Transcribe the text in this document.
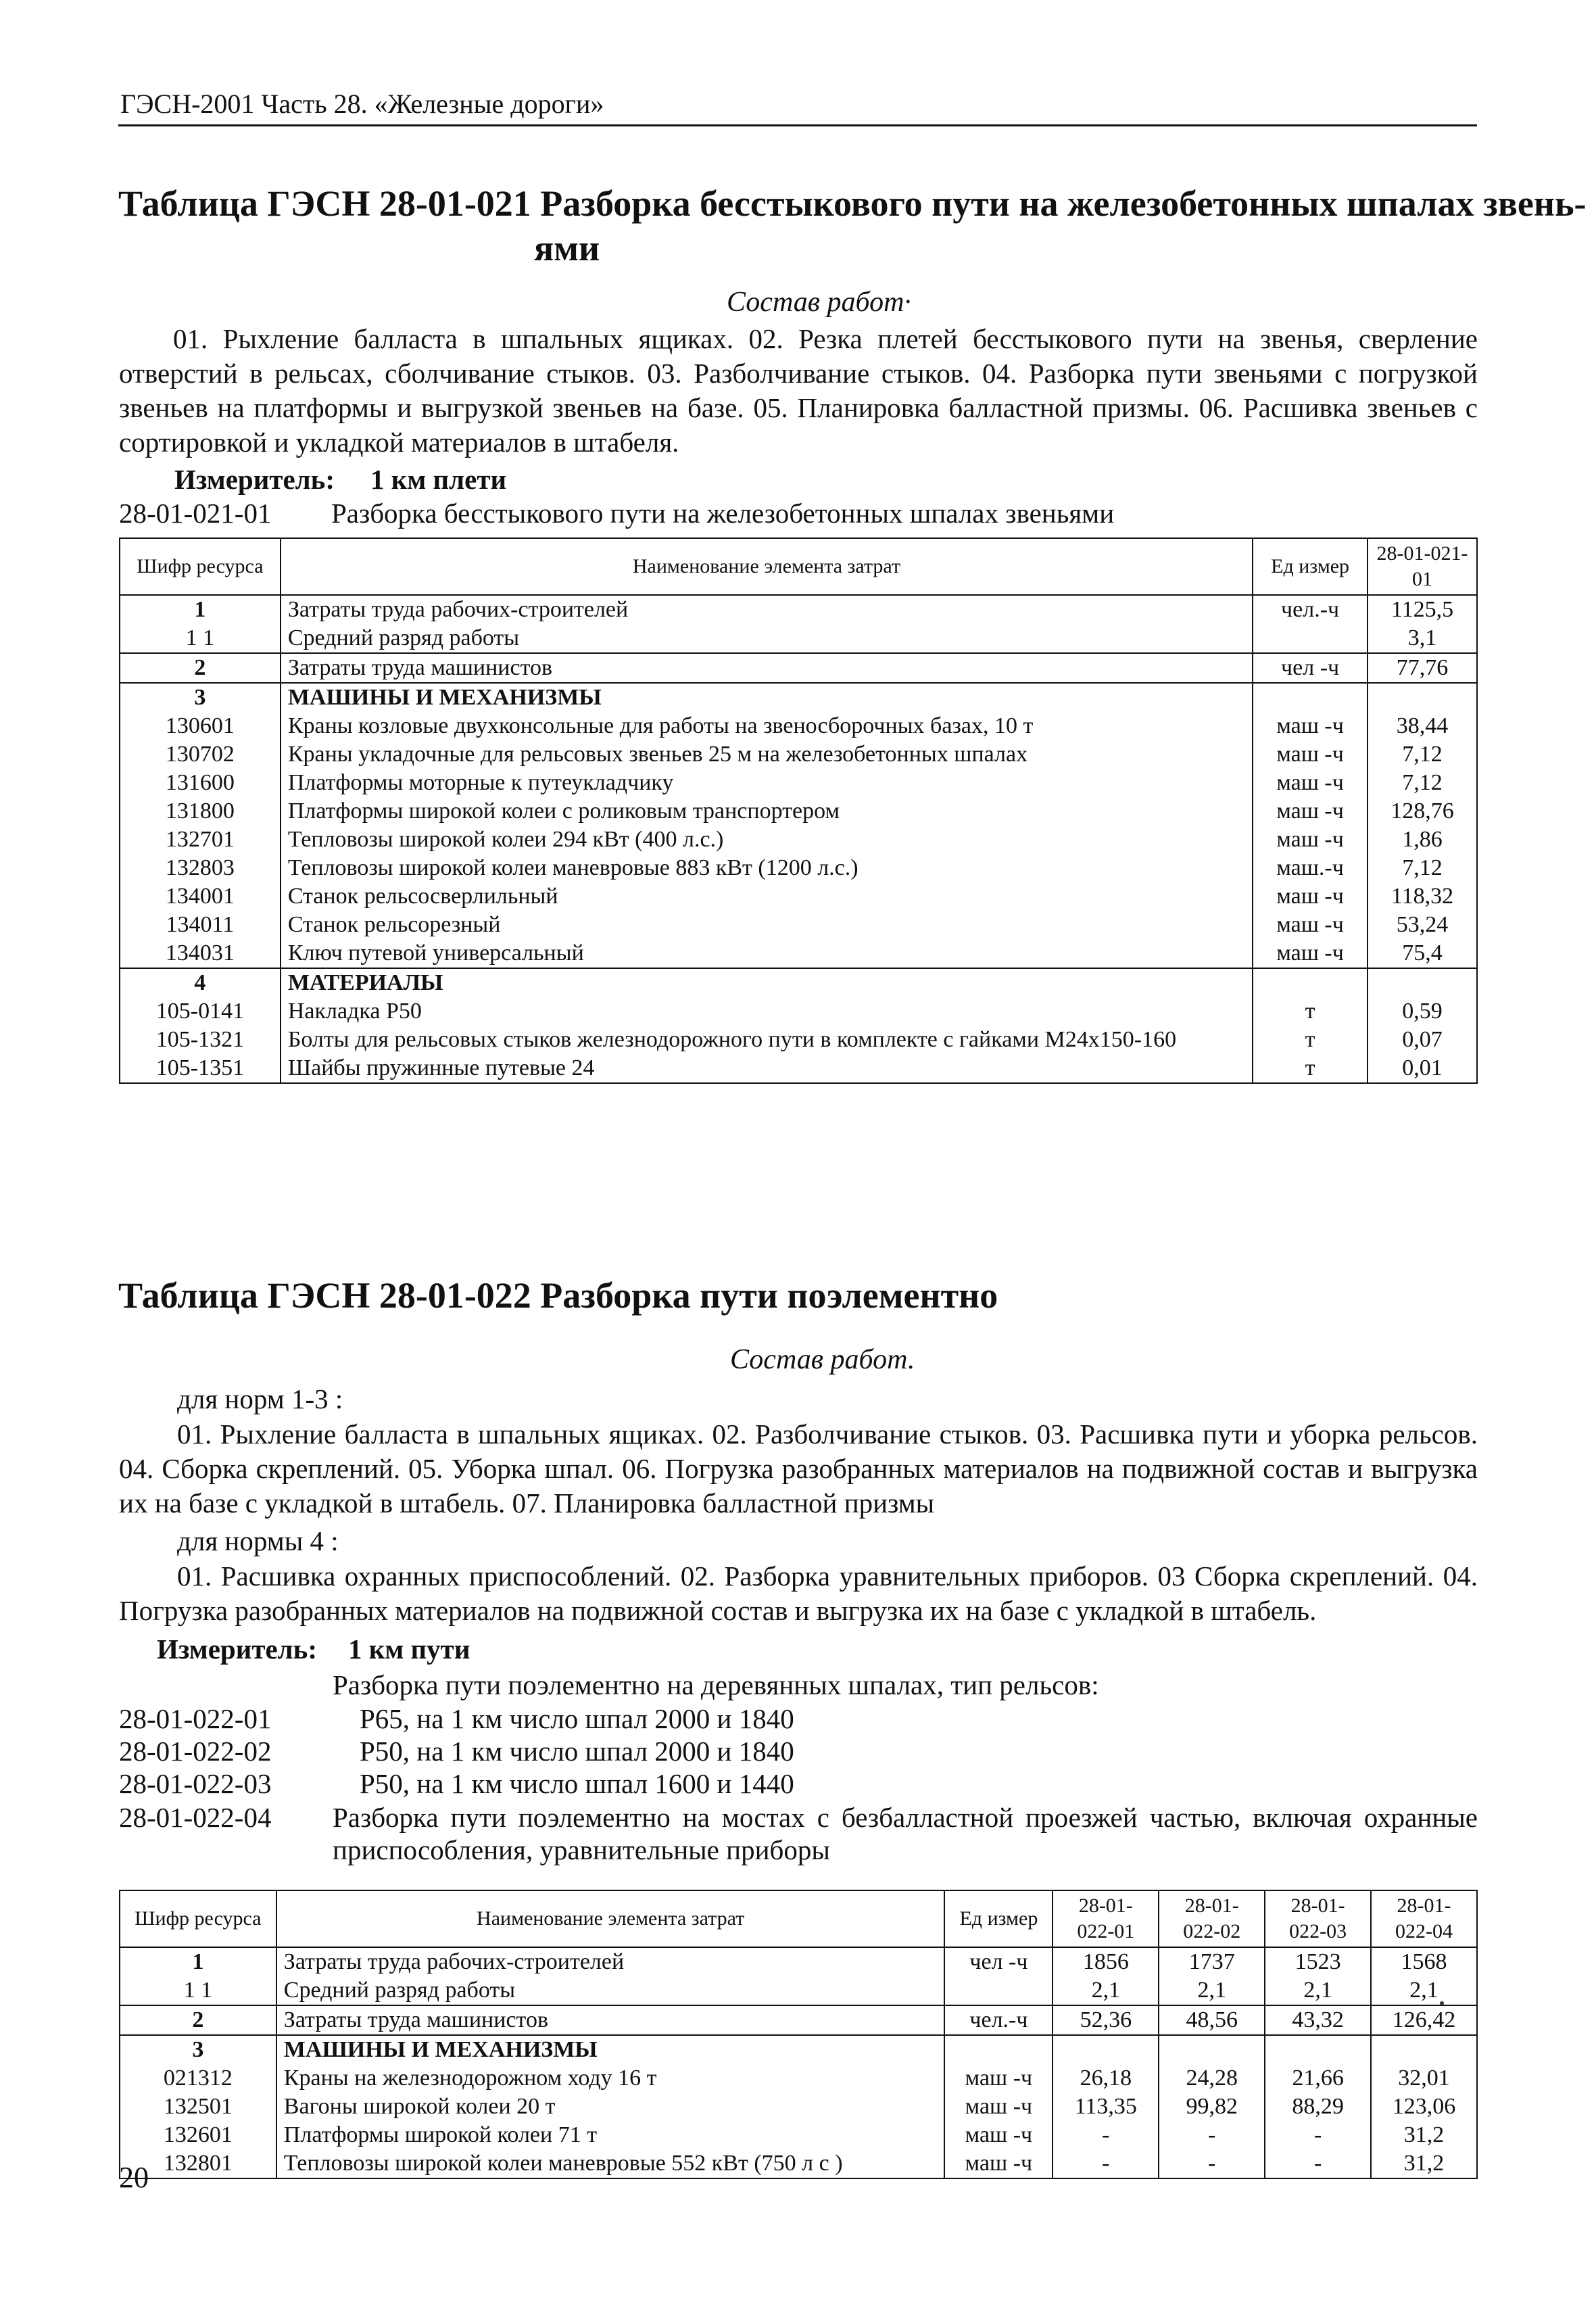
ГЭСН-2001 Часть 28. «Железные дороги»
Таблица ГЭСН 28-01-021 Разборка бесстыкового пути на железобетонных шпалах звень-
ями
Состав работ·
01. Рыхление балласта в шпальных ящиках. 02. Резка плетей бесстыкового пути на звенья, сверление отверстий в рельсах, сболчивание стыков. 03. Разболчивание стыков. 04. Разборка пути звеньями с погрузкой звеньев на платформы и выгрузкой звеньев на базе. 05. Планировка балластной призмы. 06. Расшивка звеньев с сортировкой и укладкой материалов в штабеля.
Измеритель: 1 км плети
28-01-021-01 Разборка бесстыкового пути на железобетонных шпалах звеньями
Шифр ресурса	Наименование элемента затрат	Ед измер	28-01-021-01
1	Затраты труда рабочих-строителей	чел.-ч	1125,5
1 1	Средний разряд работы		3,1
2	Затраты труда машинистов	чел -ч	77,76
3	МАШИНЫ И МЕХАНИЗМЫ		
130601	Краны козловые двухконсольные для работы на звеносборочных базах, 10 т	маш -ч	38,44
130702	Краны укладочные для рельсовых звеньев 25 м на железобетонных шпалах	маш -ч	7,12
131600	Платформы моторные к путеукладчику	маш -ч	7,12
131800	Платформы широкой колеи с роликовым транспортером	маш -ч	128,76
132701	Тепловозы широкой колеи 294 кВт (400 л.с.)	маш -ч	1,86
132803	Тепловозы широкой колеи маневровые 883 кВт (1200 л.с.)	маш.-ч	7,12
134001	Станок рельсосверлильный	маш -ч	118,32
134011	Станок рельсорезный	маш -ч	53,24
134031	Ключ путевой универсальный	маш -ч	75,4
4	МАТЕРИАЛЫ		
105-0141	Накладка Р50	т	0,59
105-1321	Болты для рельсовых стыков железнодорожного пути в комплекте с гайками М24х150-160	т	0,07
105-1351	Шайбы пружинные путевые 24	т	0,01
Таблица ГЭСН 28-01-022 Разборка пути поэлементно
Состав работ.
для норм 1-3 :
01. Рыхление балласта в шпальных ящиках. 02. Разболчивание стыков. 03. Расшивка пути и уборка рельсов. 04. Сборка скреплений. 05. Уборка шпал. 06. Погрузка разобранных материалов на подвижной состав и выгрузка их на базе с укладкой в штабель. 07. Планировка балластной призмы
для нормы 4 :
01. Расшивка охранных приспособлений. 02. Разборка уравнительных приборов. 03 Сборка скреплений. 04. Погрузка разобранных материалов на подвижной состав и выгрузка их на базе с укладкой в штабель.
Измеритель: 1 км пути
Разборка пути поэлементно на деревянных шпалах, тип рельсов:
28-01-022-01	Р65, на 1 км число шпал 2000 и 1840
28-01-022-02	Р50, на 1 км число шпал 2000 и 1840
28-01-022-03	Р50, на 1 км число шпал 1600 и 1440
28-01-022-04 Разборка пути поэлементно на мостах с безбалластной проезжей частью, включая охранные приспособления, уравнительные приборы
Шифр ресурса	Наименование элемента затрат	Ед измер	28-01-022-01	28-01-022-02	28-01-022-03	28-01-022-04
1	Затраты труда рабочих-строителей	чел -ч	1856	1737	1523	1568
1 1	Средний разряд работы		2,1	2,1	2,1	2,1
2	Затраты труда машинистов	чел.-ч	52,36	48,56	43,32	126,42
3	МАШИНЫ И МЕХАНИЗМЫ					
021312	Краны на железнодорожном ходу 16 т	маш -ч	26,18	24,28	21,66	32,01
132501	Вагоны широкой колеи 20 т	маш -ч	113,35	99,82	88,29	123,06
132601	Платформы широкой колеи 71 т	маш -ч	-	-	-	31,2
132801	Тепловозы широкой колеи маневровые 552 кВт (750 л с )	маш -ч	-	-	-	31,2
20
